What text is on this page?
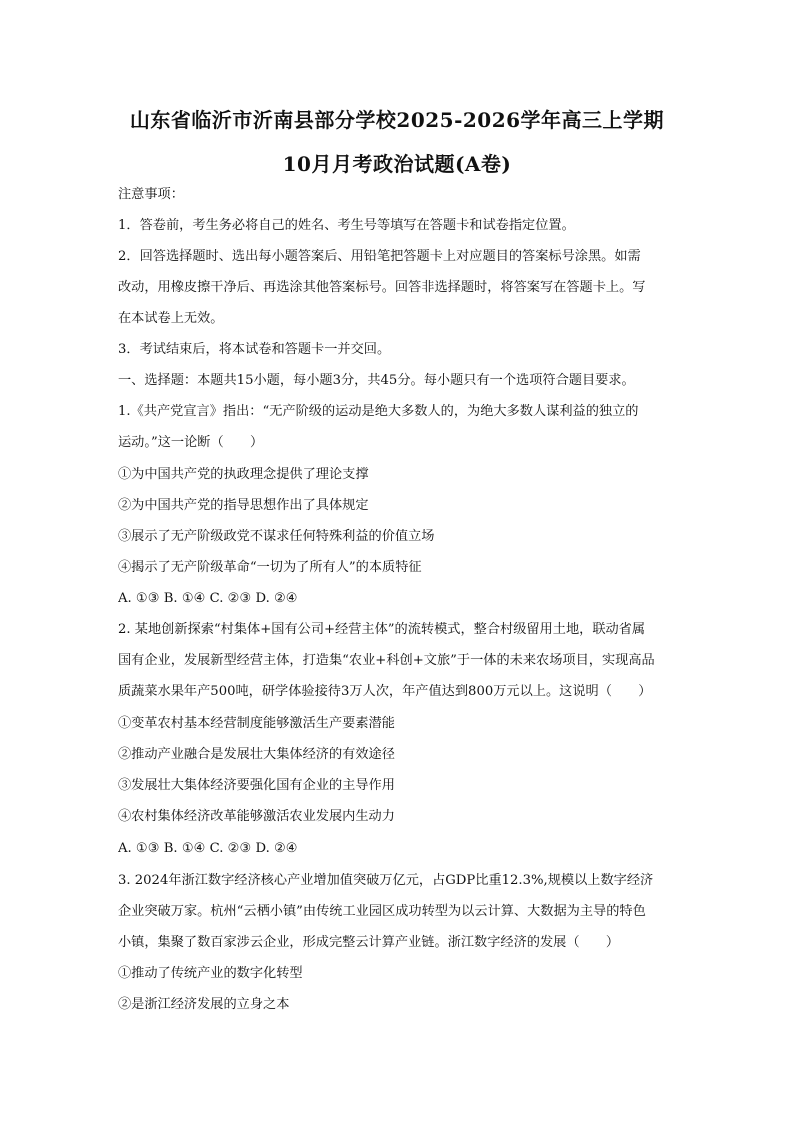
山东省临沂市沂南县部分学校2025-2026学年高三上学期
10月月考政治试题(A卷)
注意事项：
1．答卷前，考生务必将自己的姓名、考生号等填写在答题卡和试卷指定位置。
2．回答选择题时、选出每小题答案后、用铅笔把答题卡上对应题目的答案标号涂黑。如需
改动，用橡皮擦干净后、再选涂其他答案标号。回答非选择题时，将答案写在答题卡上。写
在本试卷上无效。
3．考试结束后，将本试卷和答题卡一并交回。
一、选择题：本题共15小题，每小题3分，共45分。每小题只有一个选项符合题目要求。
1.《共产党宣言》指出：“无产阶级的运动是绝大多数人的，为绝大多数人谋利益的独立的
运动。”这一论断（　　）
①为中国共产党的执政理念提供了理论支撑
②为中国共产党的指导思想作出了具体规定
③展示了无产阶级政党不谋求任何特殊利益的价值立场
④揭示了无产阶级革命“一切为了所有人”的本质特征
A. ①③ B. ①④ C. ②③ D. ②④
2. 某地创新探索“村集体+国有公司+经营主体”的流转模式，整合村级留用土地，联动省属
国有企业，发展新型经营主体，打造集“农业+科创+文旅”于一体的未来农场项目，实现高品
质蔬菜水果年产500吨，研学体验接待3万人次，年产值达到800万元以上。这说明（　　）
①变革农村基本经营制度能够激活生产要素潜能
②推动产业融合是发展壮大集体经济的有效途径
③发展壮大集体经济要强化国有企业的主导作用
④农村集体经济改革能够激活农业发展内生动力
A. ①③ B. ①④ C. ②③ D. ②④
3. 2024年浙江数字经济核心产业增加值突破万亿元，占GDP比重12.3%,规模以上数字经济
企业突破万家。杭州“云栖小镇”由传统工业园区成功转型为以云计算、大数据为主导的特色
小镇，集聚了数百家涉云企业，形成完整云计算产业链。浙江数字经济的发展（　　）
①推动了传统产业的数字化转型
②是浙江经济发展的立身之本
